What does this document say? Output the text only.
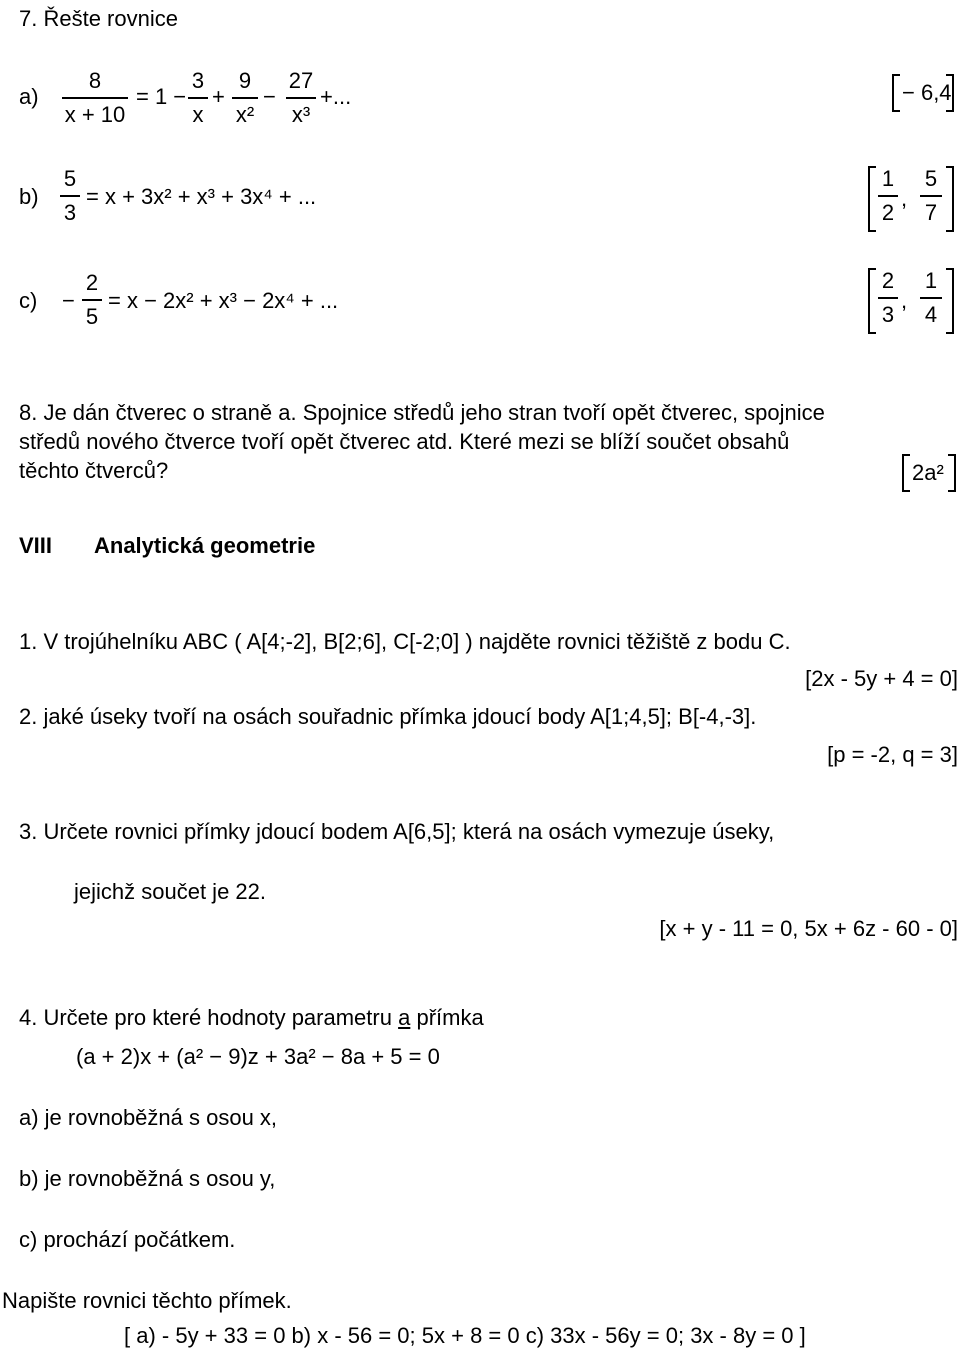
7. Řešte rovnice
a)
8
x + 10
= 1 −
3
x
+
9
x²
−
27
x³
+...	− 6,4
b)
5
3
= x + 3x² + x³ + 3x⁴ + ...
1
2
,
5
7
c) −
2
5
= x − 2x² + x³ − 2x⁴ + ...
2
3
,
1
4
8. Je dán čtverec o straně a. Spojnice středů jeho stran tvoří opět čtverec, spojnice
středů nového čtverce tvoří opět čtverec atd. Které mezi se blíží součet obsahů
těchto čtverců?	2a²
VIII Analytická geometrie
1. V trojúhelníku ABC ( A[4;-2], B[2;6], C[-2;0] ) najděte rovnici těžiště z bodu C.
[2x - 5y + 4 = 0]
2. jaké úseky tvoří na osách souřadnic přímka jdoucí body A[1;4,5]; B[-4,-3].
[p = -2, q = 3]
3. Určete rovnici přímky jdoucí bodem A[6,5]; která na osách vymezuje úseky,
jejichž součet je 22.
[x + y - 11 = 0, 5x + 6z - 60 - 0]
4. Určete pro které hodnoty parametru a přímka
(a + 2)x + (a² − 9)z + 3a² − 8a + 5 = 0
a) je rovnoběžná s osou x,
b) je rovnoběžná s osou y,
c) prochází počátkem.
Napište rovnici těchto přímek.
[ a) - 5y + 33 = 0 b) x - 56 = 0; 5x + 8 = 0 c) 33x - 56y = 0; 3x - 8y = 0 ]
